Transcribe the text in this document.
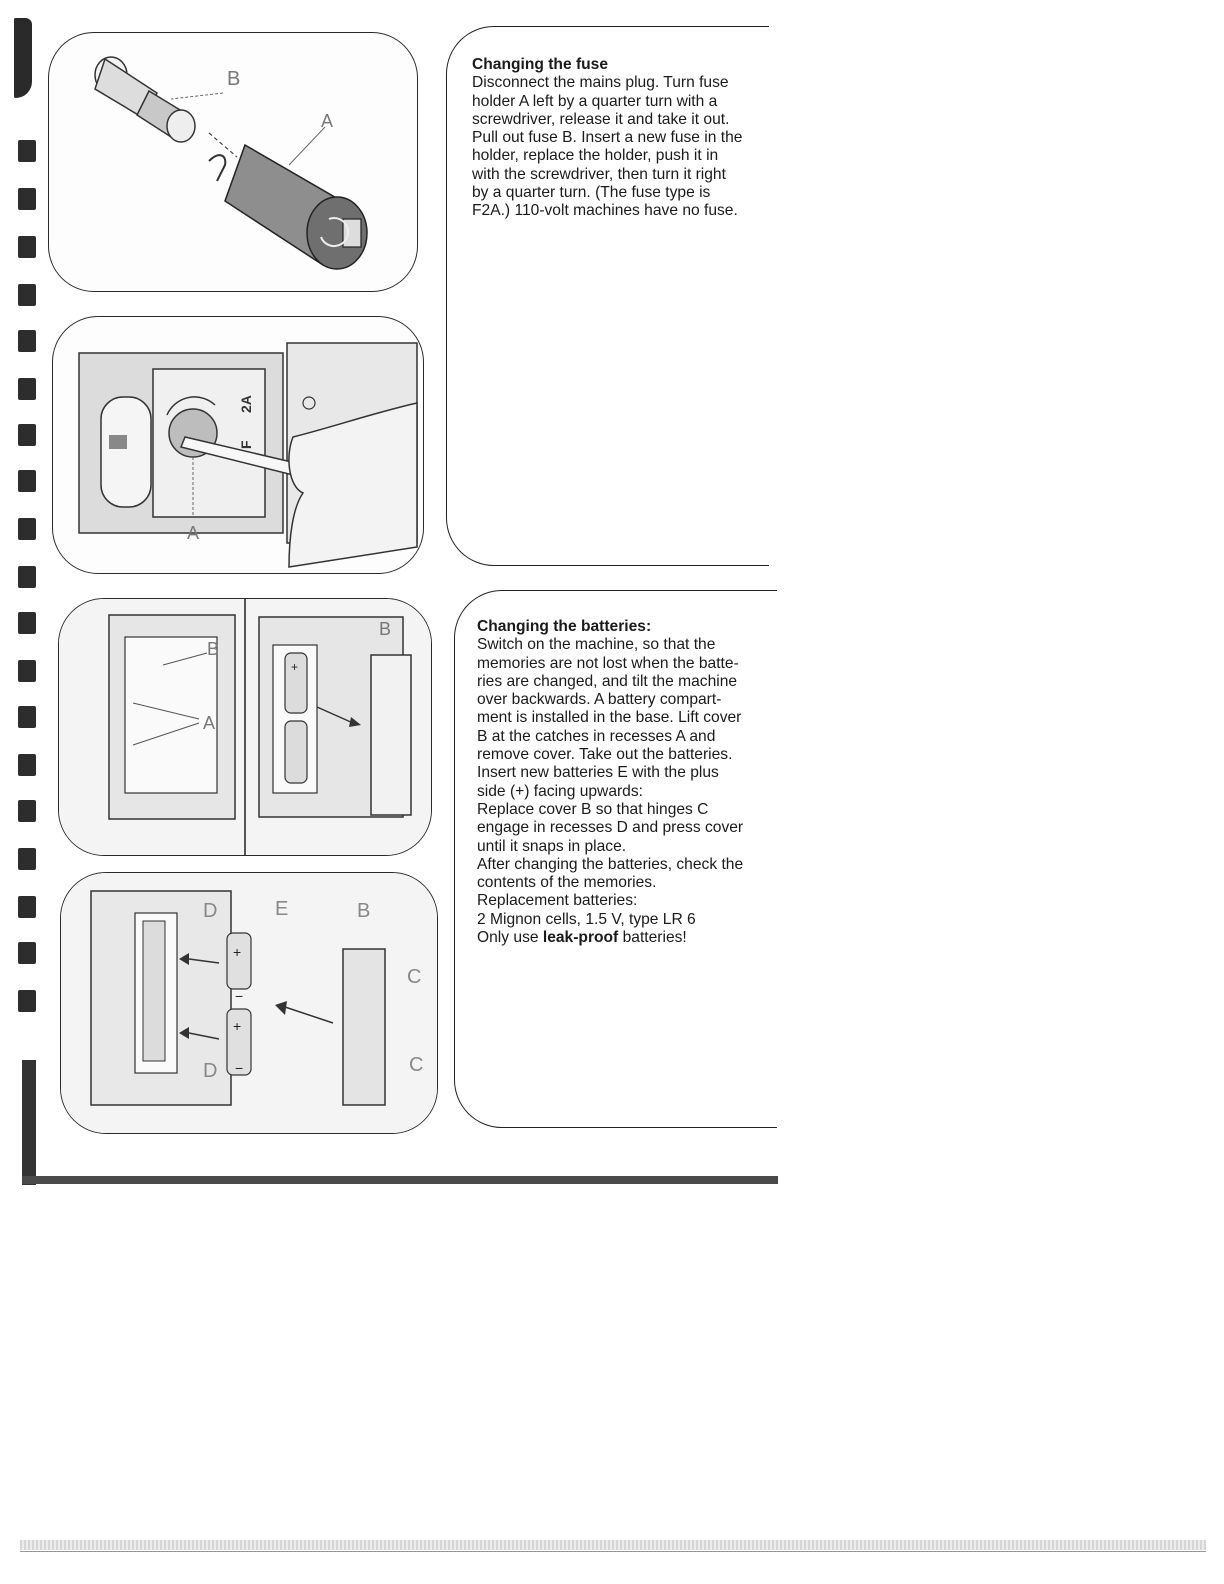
B
A
A
F
2A
+
B
A
B
+
+
−
−
D
D
E	B
C
C
Changing the fuse

Disconnect the mains plug. Turn fuse

holder A left by a quarter turn with a

screwdriver, release it and take it out.

Pull out fuse B. Insert a new fuse in the

holder, replace the holder, push it in

with the screwdriver, then turn it right

by a quarter turn. (The fuse type is

F2A.) 110-volt machines have no fuse.

Changing the batteries:

Switch on the machine, so that the

memories are not lost when the batte-

ries are changed, and tilt the machine

over backwards. A battery compart-

ment is installed in the base. Lift cover

B at the catches in recesses A and

remove cover. Take out the batteries.

Insert new batteries E with the plus

side (+) facing upwards:

Replace cover B so that hinges C

engage in recesses D and press cover

until it snaps in place.

After changing the batteries, check the

contents of the memories.

Replacement batteries:

2 Mignon cells, 1.5 V, type LR 6

Only use leak-proof batteries!
